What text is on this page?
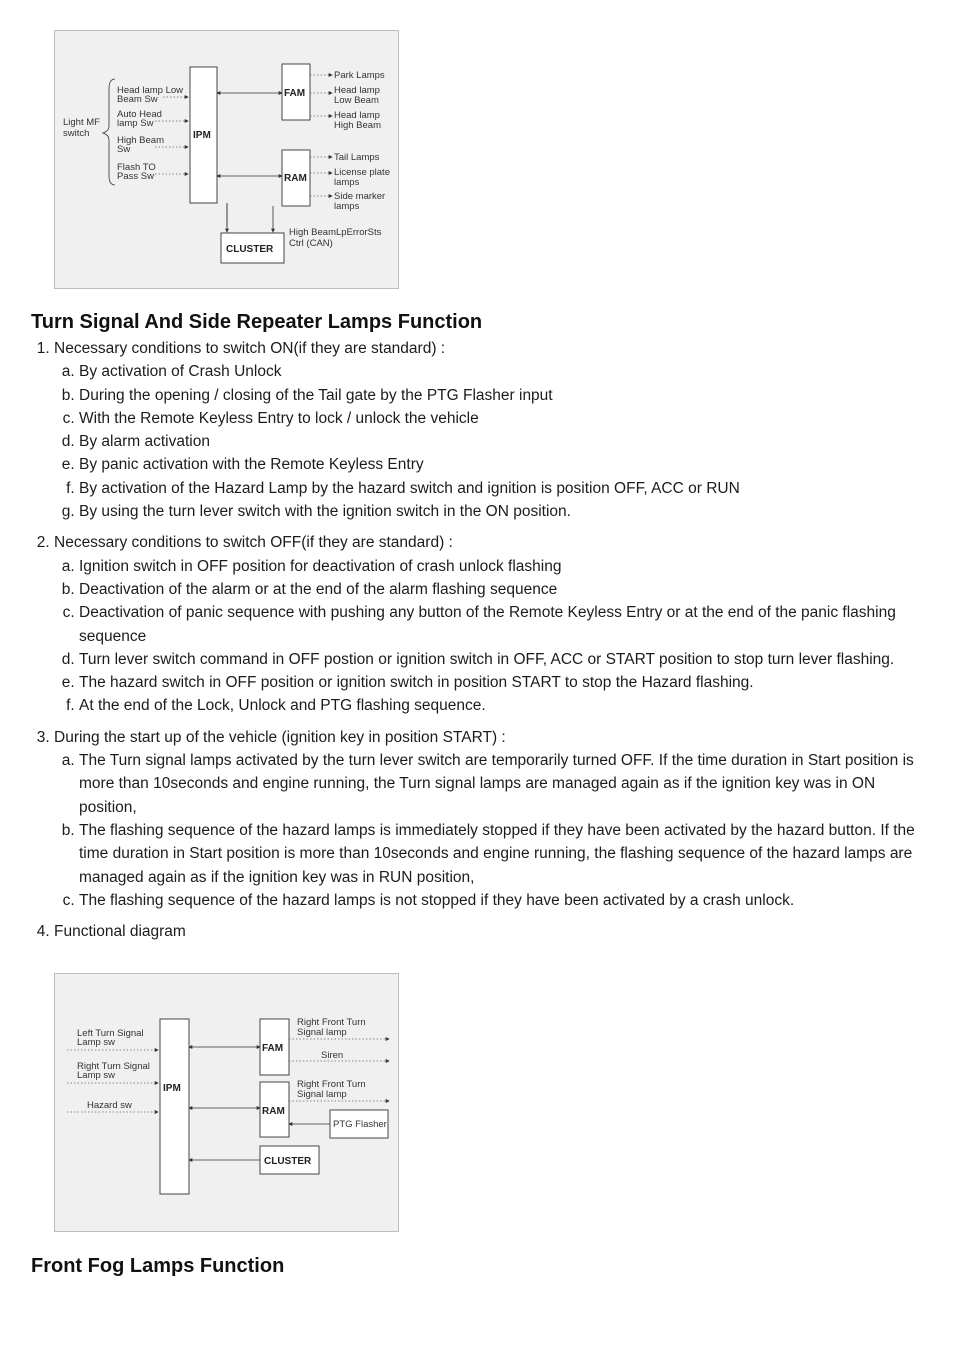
Light MF switch
Head lamp Low Beam Sw
Auto Head lamp Sw
High Beam Sw
Flash TO Pass Sw
IPM
FAM
RAM
CLUSTER
Park Lamps
Head lamp Low Beam
Head lamp High Beam
Tail Lamps
License plate lamps
Side marker lamps
High BeamLpErrorSts Ctrl (CAN)
Turn Signal And Side Repeater Lamps Function
1. Necessary conditions to switch ON(if they are standard) :
a. By activation of Crash Unlock
b. During the opening / closing of the Tail gate by the PTG Flasher input
c. With the Remote Keyless Entry to lock / unlock the vehicle
d. By alarm activation
e. By panic activation with the Remote Keyless Entry
f. By activation of the Hazard Lamp by the hazard switch and ignition is position OFF, ACC or RUN
g. By using the turn lever switch with the ignition switch in the ON position.
2. Necessary conditions to switch OFF(if they are standard) :
a. Ignition switch in OFF position for deactivation of crash unlock flashing
b. Deactivation of the alarm or at the end of the alarm flashing sequence
c. Deactivation of panic sequence with pushing any button of the Remote Keyless Entry or at the end of the panic flashing sequence
d. Turn lever switch command in OFF postion or ignition switch in OFF, ACC or START position to stop turn lever flashing.
e. The hazard switch in OFF position or ignition switch in position START to stop the Hazard flashing.
f. At the end of the Lock, Unlock and PTG flashing sequence.
3. During the start up of the vehicle (ignition key in position START) :
a. The Turn signal lamps activated by the turn lever switch are temporarily turned OFF. If the time duration in Start position is more than 10seconds and engine running, the Turn signal lamps are managed again as if the ignition key was in ON position,
b. The flashing sequence of the hazard lamps is immediately stopped if they have been activated by the hazard button. If the time duration in Start position is more than 10seconds and engine running, the flashing sequence of the hazard lamps are managed again as if the ignition key was in RUN position,
c. The flashing sequence of the hazard lamps is not stopped if they have been activated by a crash unlock.
4. Functional diagram
Left Turn Signal Lamp sw
Right Turn Signal Lamp sw
Hazard sw
IPM
FAM
RAM
CLUSTER
PTG Flasher
Right Front Turn Signal lamp
Siren
Right Front Turn Signal lamp
Front Fog Lamps Function
